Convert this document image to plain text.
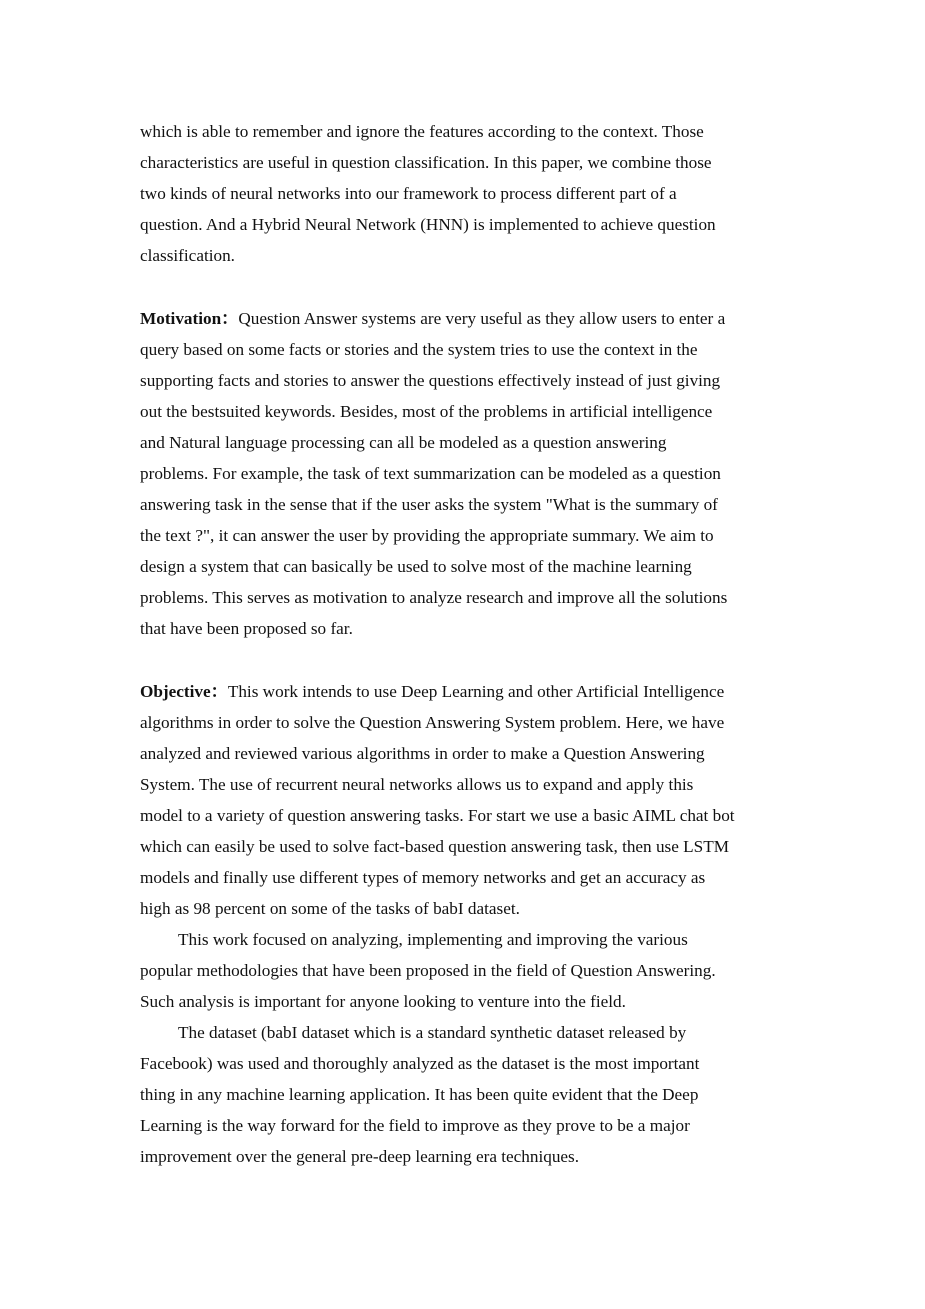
which is able to remember and ignore the features according to the context. Those
characteristics are useful in question classification. In this paper, we combine those
two kinds of neural networks into our framework to process different part of a
question. And a Hybrid Neural Network (HNN) is implemented to achieve question
classification.

Motivation：Question Answer systems are very useful as they allow users to enter a
query based on some facts or stories and the system tries to use the context in the
supporting facts and stories to answer the questions effectively instead of just giving
out the bestsuited keywords. Besides, most of the problems in artificial intelligence
and Natural language processing can all be modeled as a question answering
problems. For example, the task of text summarization can be modeled as a question
answering task in the sense that if the user asks the system "What is the summary of
the text ?", it can answer the user by providing the appropriate summary. We aim to
design a system that can basically be used to solve most of the machine learning
problems. This serves as motivation to analyze research and improve all the solutions
that have been proposed so far.

Objective：This work intends to use Deep Learning and other Artificial Intelligence
algorithms in order to solve the Question Answering System problem. Here, we have
analyzed and reviewed various algorithms in order to make a Question Answering
System. The use of recurrent neural networks allows us to expand and apply this
model to a variety of question answering tasks. For start we use a basic AIML chat bot
which can easily be used to solve fact-based question answering task, then use LSTM
models and finally use different types of memory networks and get an accuracy as
high as 98 percent on some of the tasks of babI dataset.

This work focused on analyzing, implementing and improving the various
popular methodologies that have been proposed in the field of Question Answering.
Such analysis is important for anyone looking to venture into the field.

The dataset (babI dataset which is a standard synthetic dataset released by
Facebook) was used and thoroughly analyzed as the dataset is the most important
thing in any machine learning application. It has been quite evident that the Deep
Learning is the way forward for the field to improve as they prove to be a major
improvement over the general pre-deep learning era techniques.
